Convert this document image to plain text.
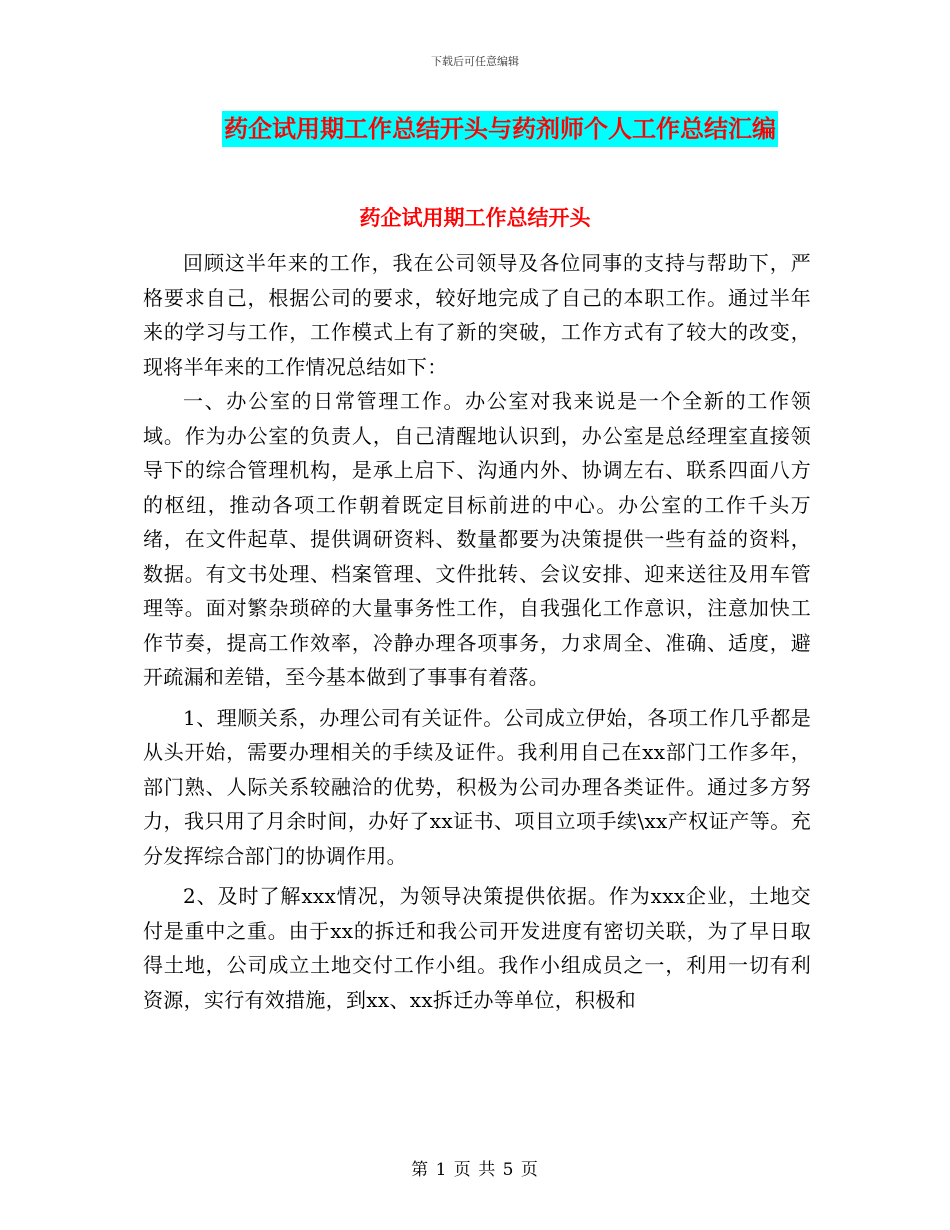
下载后可任意编辑
药企试用期工作总结开头与药剂师个人工作总结汇编
药企试用期工作总结开头

回顾这半年来的工作，我在公司领导及各位同事的支持与帮助下，严格要求自己，根据公司的要求，较好地完成了自己的本职工作。通过半年来的学习与工作，工作模式上有了新的突破，工作方式有了较大的改变，现将半年来的工作情况总结如下：

一、办公室的日常管理工作。办公室对我来说是一个全新的工作领域。作为办公室的负责人，自己清醒地认识到，办公室是总经理室直接领导下的综合管理机构，是承上启下、沟通内外、协调左右、联系四面八方的枢纽，推动各项工作朝着既定目标前进的中心。办公室的工作千头万绪，在文件起草、提供调研资料、数量都要为决策提供一些有益的资料，数据。有文书处理、档案管理、文件批转、会议安排、迎来送往及用车管理等。面对繁杂琐碎的大量事务性工作，自我强化工作意识，注意加快工作节奏，提高工作效率，冷静办理各项事务，力求周全、准确、适度，避开疏漏和差错，至今基本做到了事事有着落。

1、理顺关系，办理公司有关证件。公司成立伊始，各项工作几乎都是从头开始，需要办理相关的手续及证件。我利用自己在xx部门工作多年，部门熟、人际关系较融洽的优势，积极为公司办理各类证件。通过多方努力，我只用了月余时间，办好了xx证书、项目立项手续\xx产权证产等。充分发挥综合部门的协调作用。

2、及时了解xxx情况，为领导决策提供依据。作为xxx企业，土地交付是重中之重。由于xx的拆迁和我公司开发进度有密切关联，为了早日取得土地，公司成立土地交付工作小组。我作小组成员之一，利用一切有利资源，实行有效措施，到xx、xx拆迁办等单位，积极和

第 1 页 共 5 页
